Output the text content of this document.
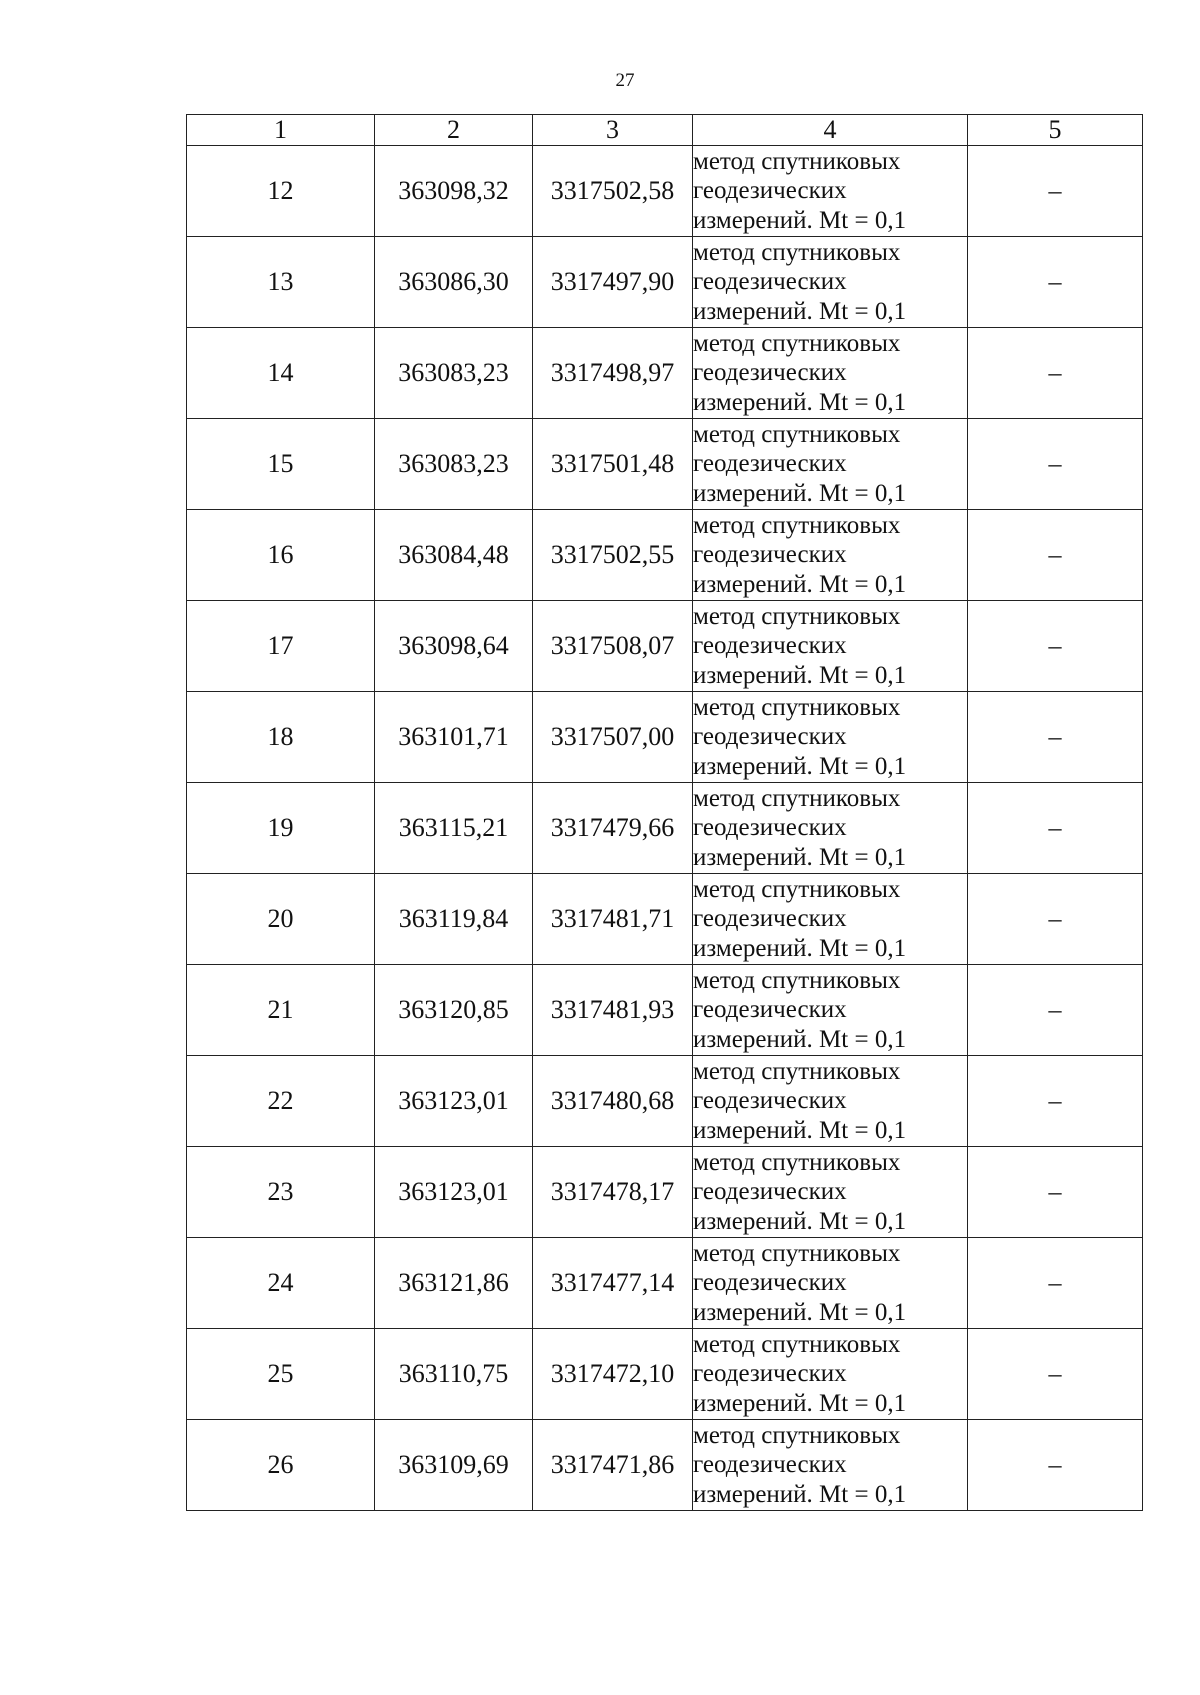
27
1	2	3	4	5
12	363098,32	3317502,58	метод спутниковых
геодезических
измерений. Mt = 0,1	–
13	363086,30	3317497,90	метод спутниковых
геодезических
измерений. Mt = 0,1	–
14	363083,23	3317498,97	метод спутниковых
геодезических
измерений. Mt = 0,1	–
15	363083,23	3317501,48	метод спутниковых
геодезических
измерений. Mt = 0,1	–
16	363084,48	3317502,55	метод спутниковых
геодезических
измерений. Mt = 0,1	–
17	363098,64	3317508,07	метод спутниковых
геодезических
измерений. Mt = 0,1	–
18	363101,71	3317507,00	метод спутниковых
геодезических
измерений. Mt = 0,1	–
19	363115,21	3317479,66	метод спутниковых
геодезических
измерений. Mt = 0,1	–
20	363119,84	3317481,71	метод спутниковых
геодезических
измерений. Mt = 0,1	–
21	363120,85	3317481,93	метод спутниковых
геодезических
измерений. Mt = 0,1	–
22	363123,01	3317480,68	метод спутниковых
геодезических
измерений. Mt = 0,1	–
23	363123,01	3317478,17	метод спутниковых
геодезических
измерений. Mt = 0,1	–
24	363121,86	3317477,14	метод спутниковых
геодезических
измерений. Mt = 0,1	–
25	363110,75	3317472,10	метод спутниковых
геодезических
измерений. Mt = 0,1	–
26	363109,69	3317471,86	метод спутниковых
геодезических
измерений. Mt = 0,1	–
